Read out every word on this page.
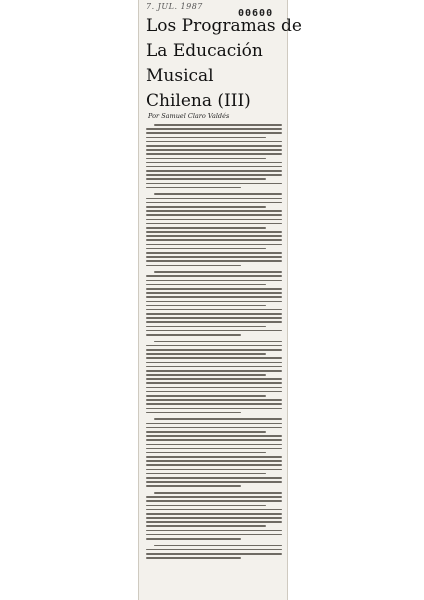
7. JUL. 1987
00600
Los Programas de
La Educación
Musical
Chilena (III)
Por Samuel Claro Valdés
